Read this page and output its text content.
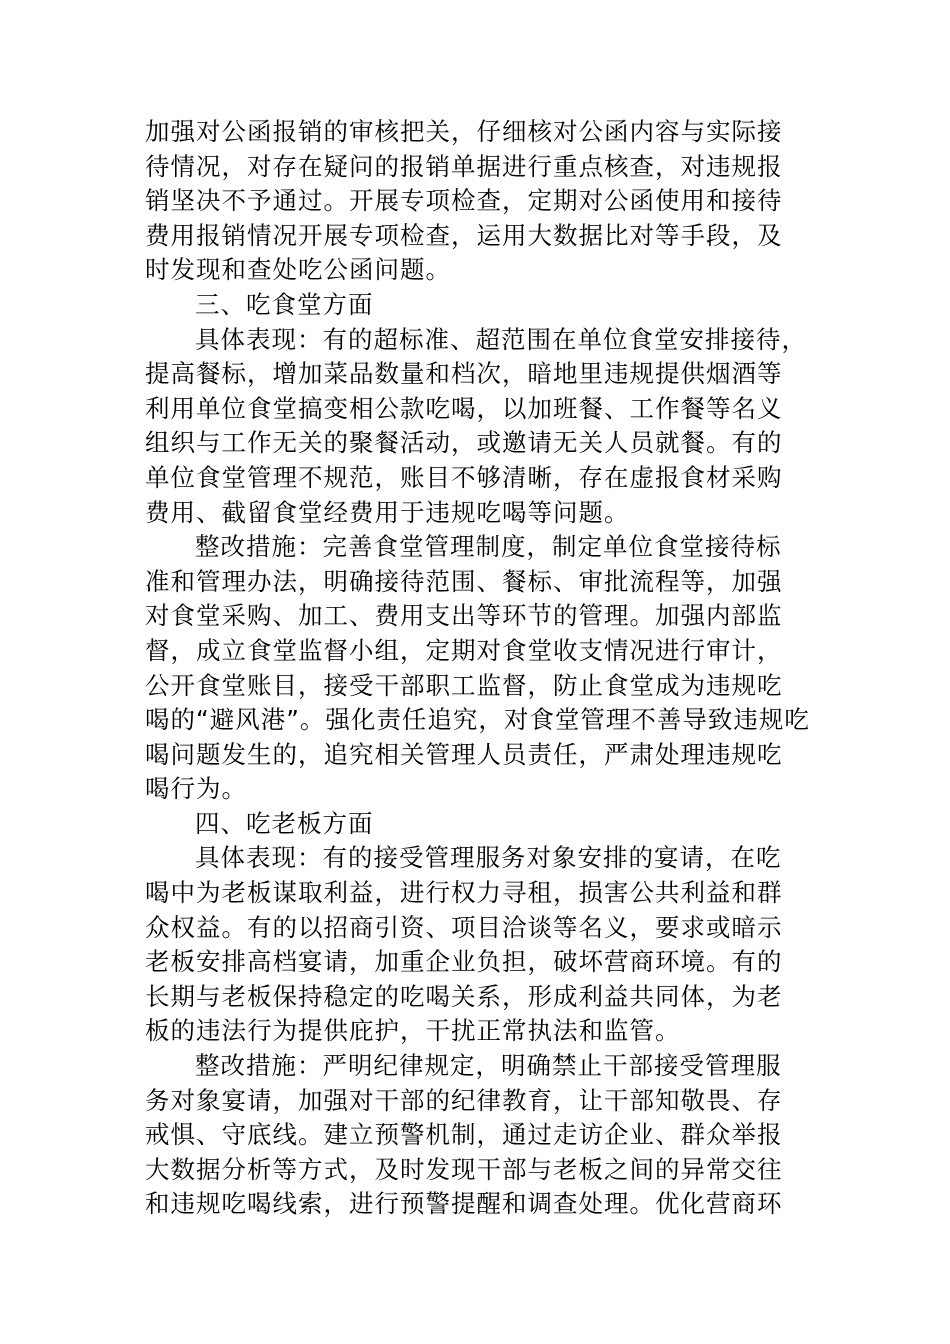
加强对公函报销的审核把关，仔细核对公函内容与实际接
待情况，对存在疑问的报销单据进行重点核查，对违规报
销坚决不予通过。开展专项检查，定期对公函使用和接待
费用报销情况开展专项检查，运用大数据比对等手段，及
时发现和查处吃公函问题。
三、吃食堂方面
具体表现：有的超标准、超范围在单位食堂安排接待，
提高餐标，增加菜品数量和档次，暗地里违规提供烟酒等
利用单位食堂搞变相公款吃喝，以加班餐、工作餐等名义
组织与工作无关的聚餐活动，或邀请无关人员就餐。有的
单位食堂管理不规范，账目不够清晰，存在虚报食材采购
费用、截留食堂经费用于违规吃喝等问题。
整改措施：完善食堂管理制度，制定单位食堂接待标
准和管理办法，明确接待范围、餐标、审批流程等，加强
对食堂采购、加工、费用支出等环节的管理。加强内部监
督，成立食堂监督小组，定期对食堂收支情况进行审计，
公开食堂账目，接受干部职工监督，防止食堂成为违规吃
喝的“避风港”。强化责任追究，对食堂管理不善导致违规吃
喝问题发生的，追究相关管理人员责任，严肃处理违规吃
喝行为。
四、吃老板方面
具体表现：有的接受管理服务对象安排的宴请，在吃
喝中为老板谋取利益，进行权力寻租，损害公共利益和群
众权益。有的以招商引资、项目洽谈等名义，要求或暗示
老板安排高档宴请，加重企业负担，破坏营商环境。有的
长期与老板保持稳定的吃喝关系，形成利益共同体，为老
板的违法行为提供庇护，干扰正常执法和监管。
整改措施：严明纪律规定，明确禁止干部接受管理服
务对象宴请，加强对干部的纪律教育，让干部知敬畏、存
戒惧、守底线。建立预警机制，通过走访企业、群众举报
大数据分析等方式，及时发现干部与老板之间的异常交往
和违规吃喝线索，进行预警提醒和调查处理。优化营商环
